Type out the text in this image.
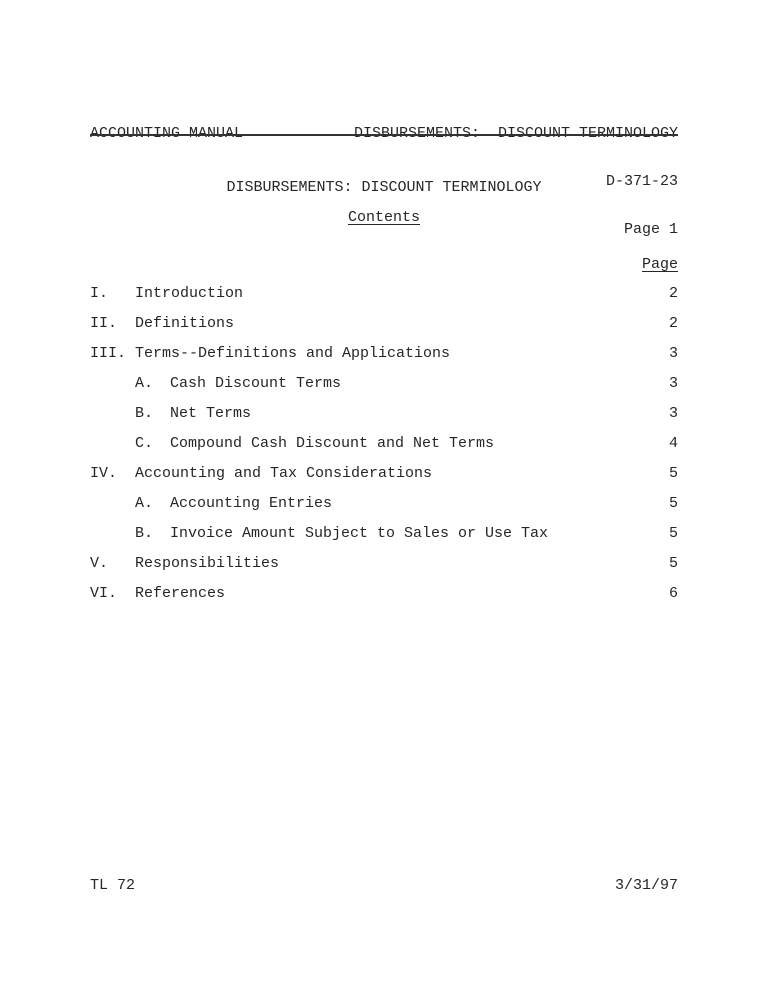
DISBURSEMENTS:  DISCOUNT TERMINOLOGY

D-371-23

Page 1

ACCOUNTING MANUAL

DISBURSEMENTS: DISCOUNT TERMINOLOGY
Contents
Page
I. Introduction	2
II. Definitions	2
III. Terms--Definitions and Applications	3
A. Cash Discount Terms	3
B. Net Terms	3
C. Compound Cash Discount and Net Terms	4
IV. Accounting and Tax Considerations	5
A. Accounting Entries	5
B. Invoice Amount Subject to Sales or Use Tax	5
V. Responsibilities	5
VI. References	6
TL 72	3/31/97
